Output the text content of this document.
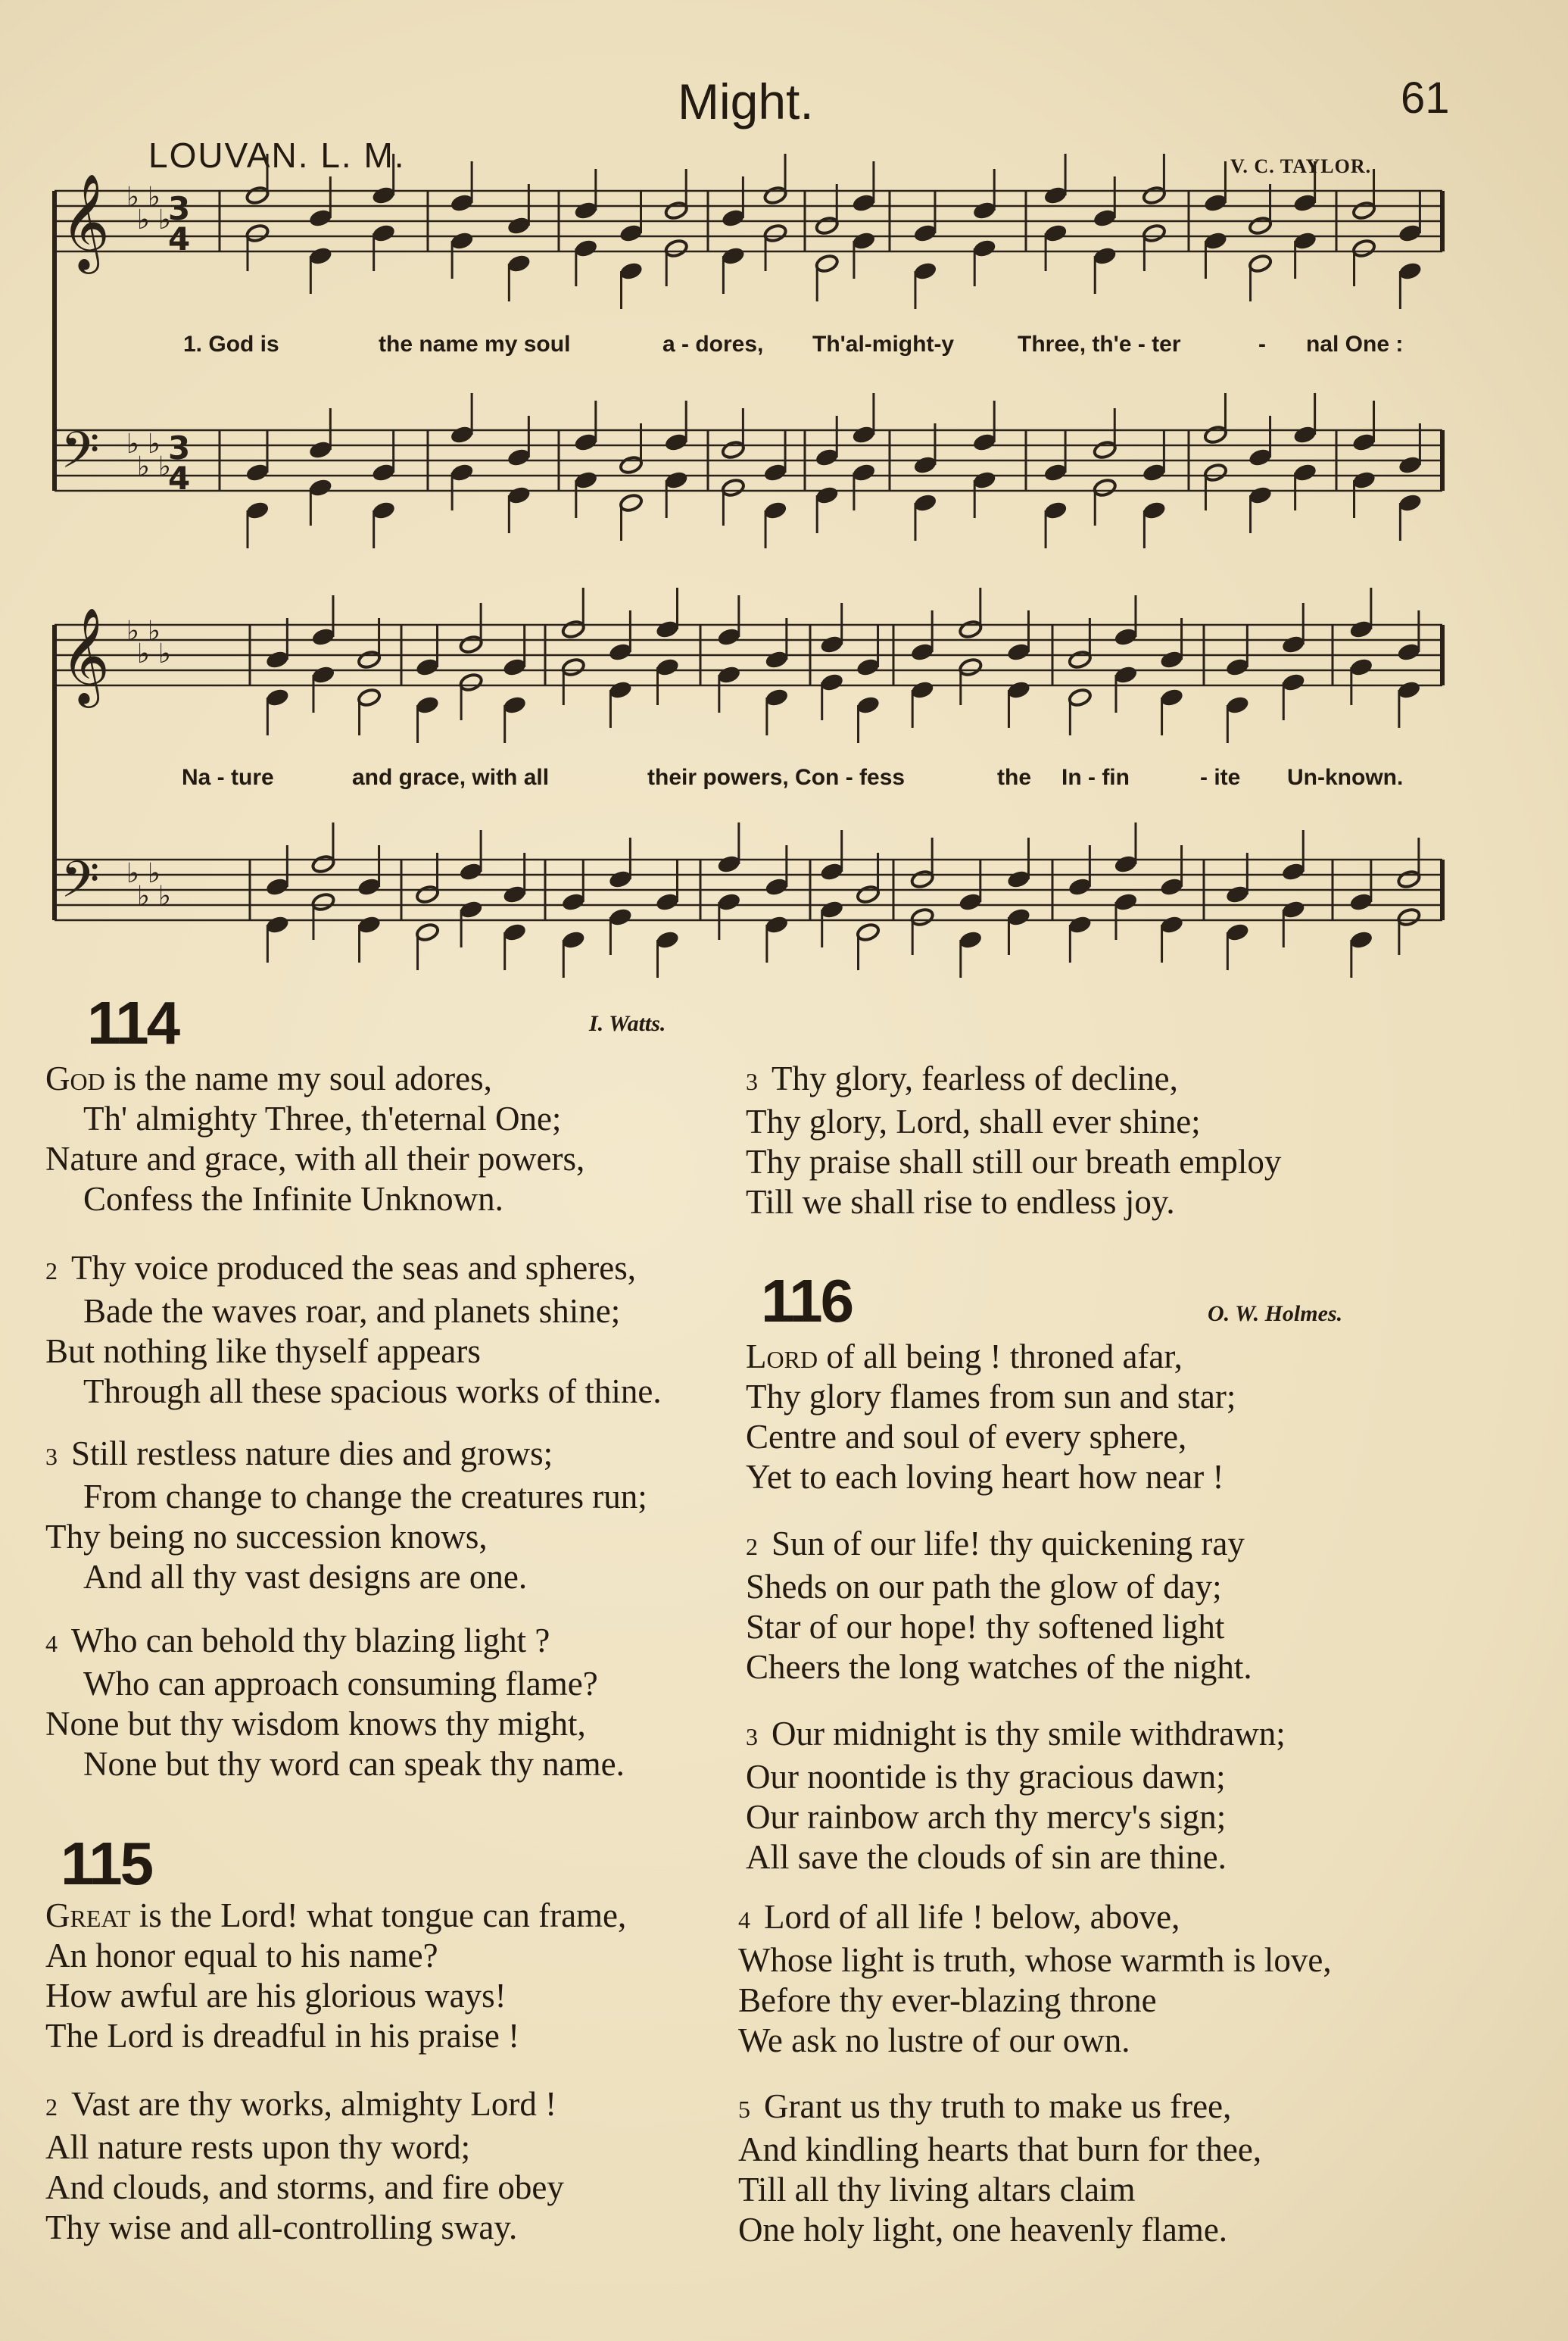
Might.	61
LOUVAN. L. M.	V. C. TAYLOR.
𝄞 3
4
♭
♭
♭
♭
𝄢 3
4
♭
♭
♭
♭
𝄞 ♭
♭
♭
♭
𝄢 ♭
♭
♭
♭
1. God is	the name my soul	a - dores, Th'al-might-y	Three, th'e - ter	- nal One :
Na - ture	and grace, with all	their powers, Con - fess	the In - fin	- ite Un-known.
114	I. Watts.
God is the name my soul adores,
Th' almighty Three, th'eternal One;
Nature and grace, with all their powers,
Confess the Infinite Unknown.
2 Thy voice produced the seas and spheres,
Bade the waves roar, and planets shine;
But nothing like thyself appears
Through all these spacious works of thine.
3 Still restless nature dies and grows;
From change to change the creatures run;
Thy being no succession knows,
And all thy vast designs are one.
4 Who can behold thy blazing light ?
Who can approach consuming flame?
None but thy wisdom knows thy might,
None but thy word can speak thy name.
115
Great is the Lord! what tongue can frame,
An honor equal to his name?
How awful are his glorious ways!
The Lord is dreadful in his praise !
2 Vast are thy works, almighty Lord !
All nature rests upon thy word;
And clouds, and storms, and fire obey
Thy wise and all-controlling sway.
3 Thy glory, fearless of decline,
Thy glory, Lord, shall ever shine;
Thy praise shall still our breath employ
Till we shall rise to endless joy.
116	O. W. Holmes.
Lord of all being ! throned afar,
Thy glory flames from sun and star;
Centre and soul of every sphere,
Yet to each loving heart how near !
2 Sun of our life! thy quickening ray
Sheds on our path the glow of day;
Star of our hope! thy softened light
Cheers the long watches of the night.
3 Our midnight is thy smile withdrawn;
Our noontide is thy gracious dawn;
Our rainbow arch thy mercy's sign;
All save the clouds of sin are thine.
4 Lord of all life ! below, above,
Whose light is truth, whose warmth is love,
Before thy ever-blazing throne
We ask no lustre of our own.
5 Grant us thy truth to make us free,
And kindling hearts that burn for thee,
Till all thy living altars claim
One holy light, one heavenly flame.
